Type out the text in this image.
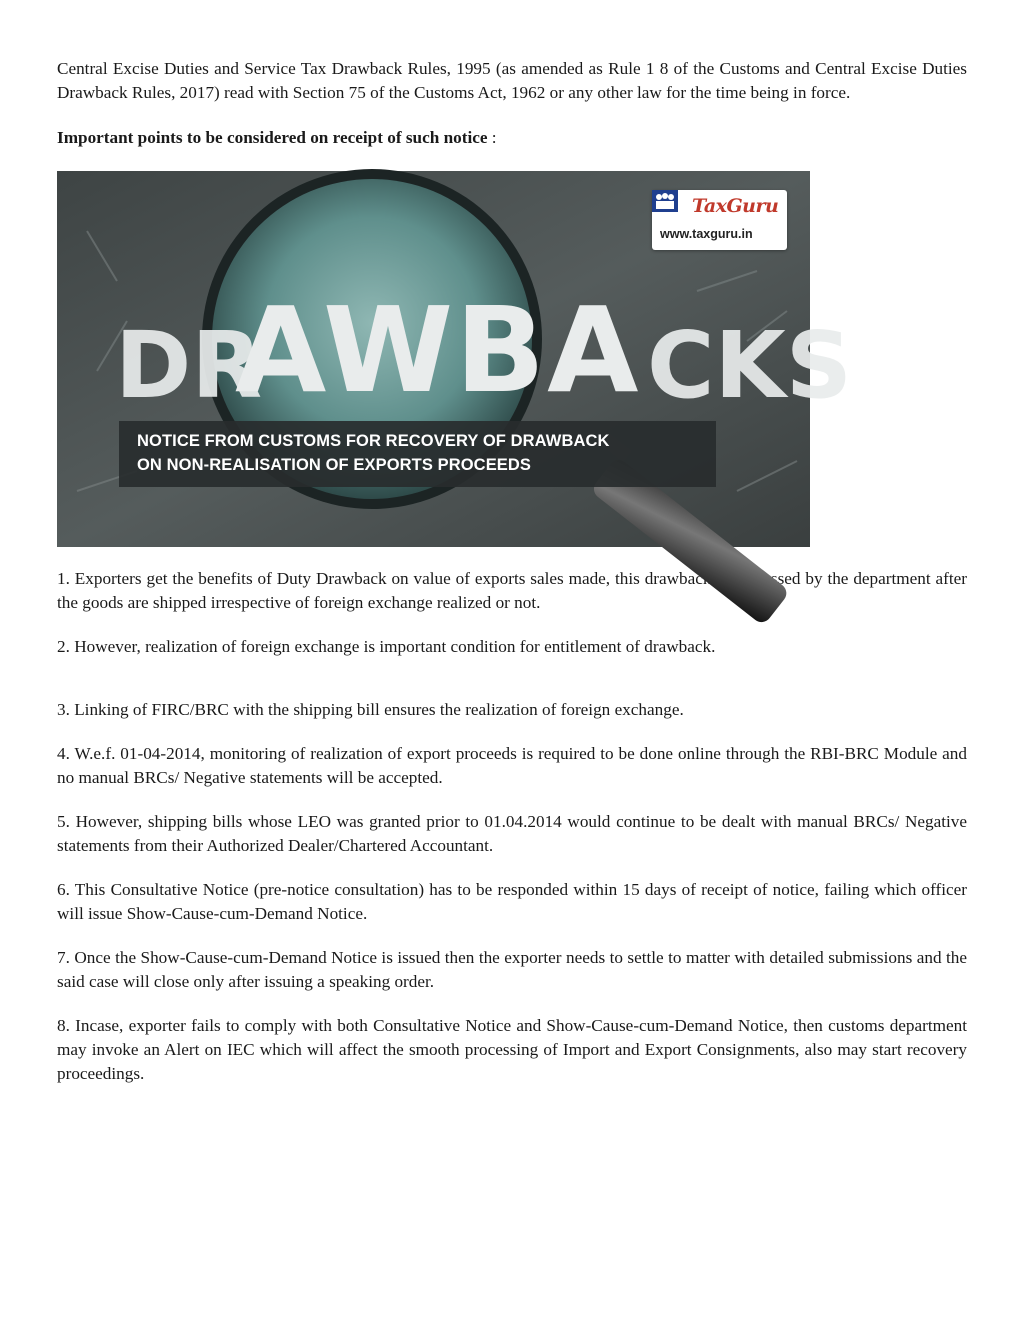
Central Excise Duties and Service Tax Drawback Rules, 1995 (as amended as Rule 1 8 of the Customs and Central Excise Duties Drawback Rules, 2017) read with Section 75 of the Customs Act, 1962 or any other law for the time being in force.

Important points to be considered on receipt of such notice :

DR
AWBA CKS
TaxGuru
www.taxguru.in
NOTICE FROM CUSTOMS FOR RECOVERY OF DRAWBACK
ON NON-REALISATION OF EXPORTS PROCEEDS

1. Exporters get the benefits of Duty Drawback on value of exports sales made, this drawback is processed by the department after the goods are shipped irrespective of foreign exchange realized or not.

2. However, realization of foreign exchange is important condition for entitlement of drawback.

3. Linking of FIRC/BRC with the shipping bill ensures the realization of foreign exchange.

4. W.e.f. 01-04-2014, monitoring of realization of export proceeds is required to be done online through the RBI-BRC Module and no manual BRCs/ Negative statements will be accepted.

5. However, shipping bills whose LEO was granted prior to 01.04.2014 would continue to be dealt with manual BRCs/ Negative statements from their Authorized Dealer/Chartered Accountant.

6. This Consultative Notice (pre-notice consultation) has to be responded within 15 days of receipt of notice, failing which officer will issue Show-Cause-cum-Demand Notice.

7. Once the Show-Cause-cum-Demand Notice is issued then the exporter needs to settle to matter with detailed submissions and the said case will close only after issuing a speaking order.

8. Incase, exporter fails to comply with both Consultative Notice and Show-Cause-cum-Demand Notice, then customs department may invoke an Alert on IEC which will affect the smooth processing of Import and Export Consignments, also may start recovery proceedings.
